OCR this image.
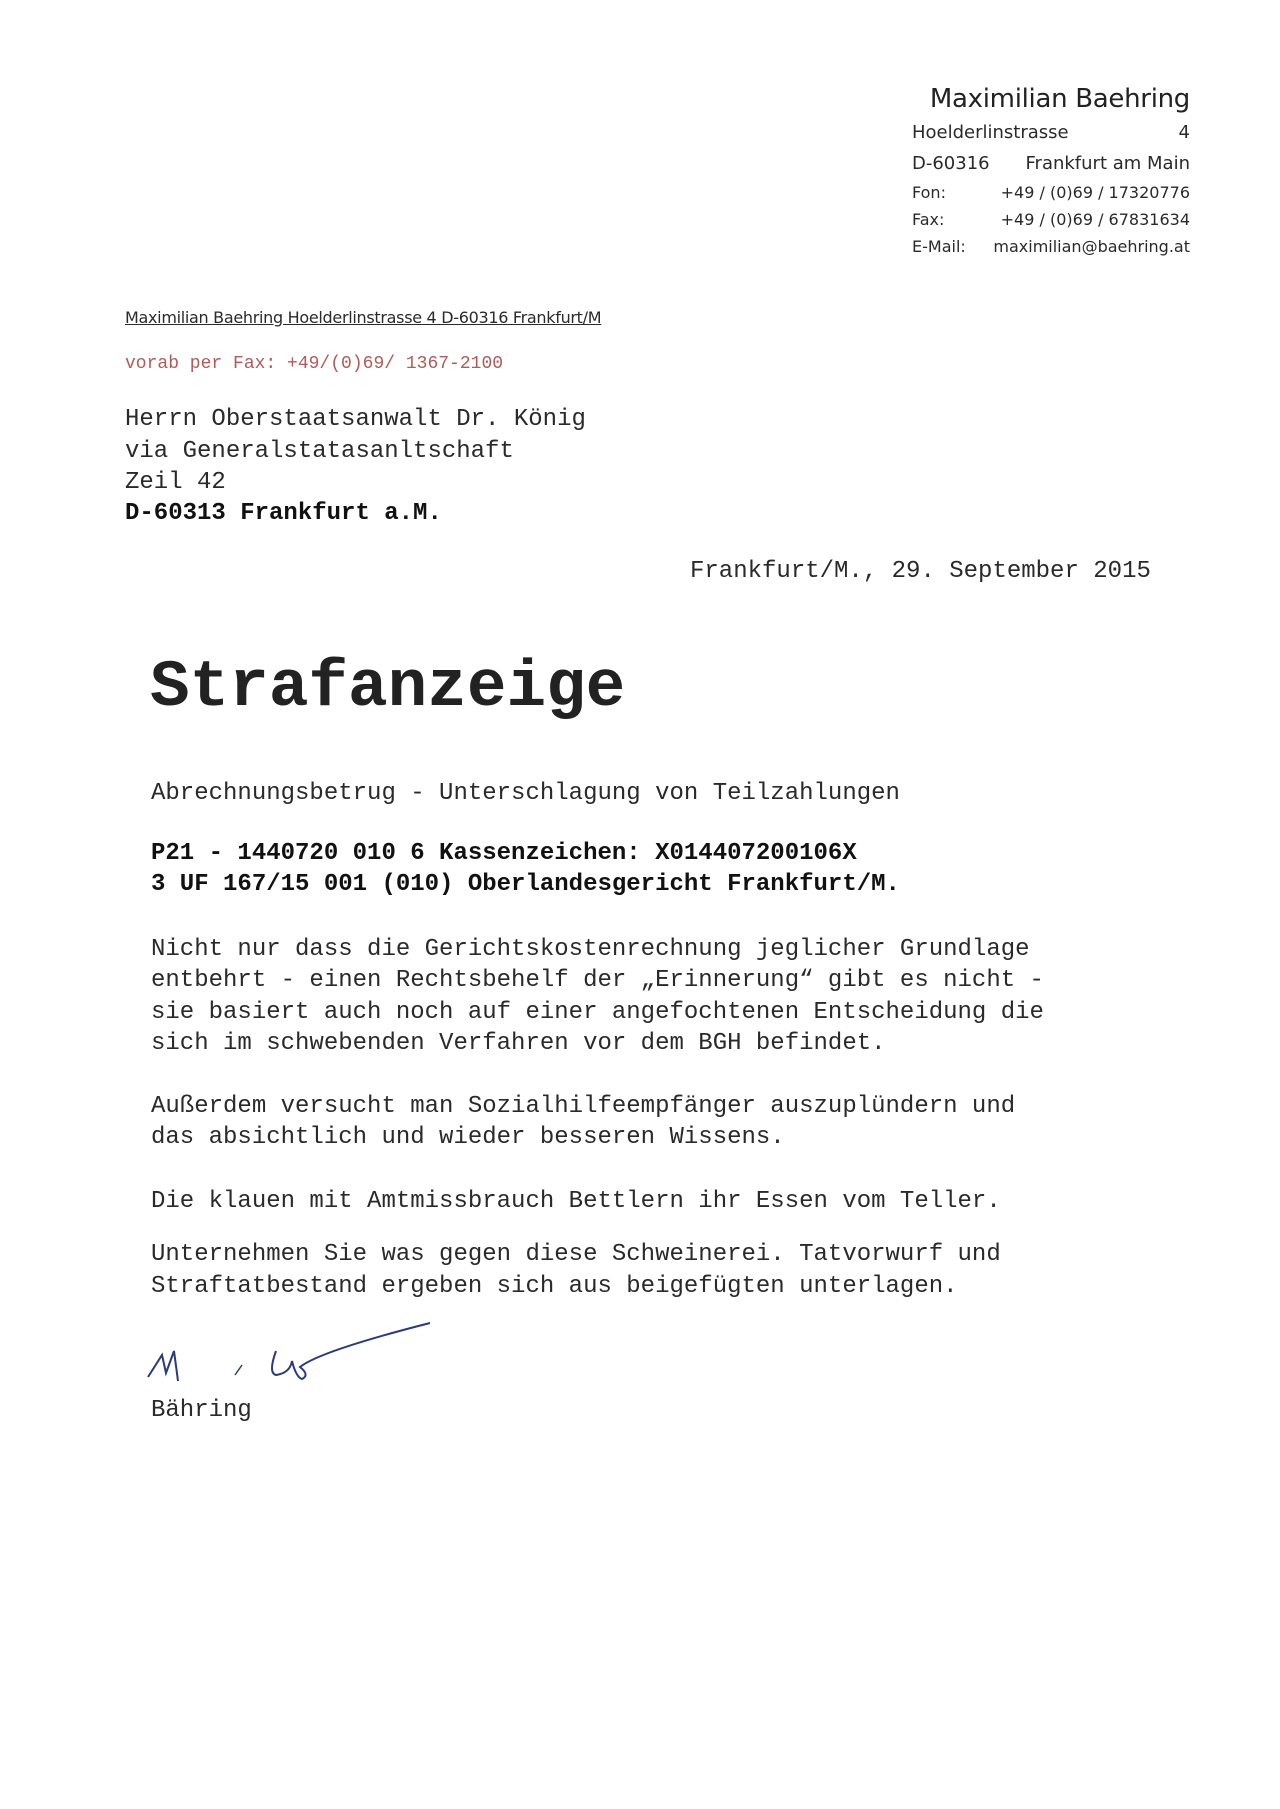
Maximilian Baehring
Hoelderlinstrasse	4
D-60316 Frankfurt am Main
Fon:	+49 / (0)69 / 17320776
Fax:	+49 / (0)69 / 67831634
E-Mail: maximilian@baehring.at
Maximilian Baehring Hoelderlinstrasse 4 D-60316 Frankfurt/M
vorab per Fax: +49/(0)69/ 1367-2100
Herrn Oberstaatsanwalt Dr. König
via Generalstatasanltschaft
Zeil 42
D-60313 Frankfurt a.M.
Frankfurt/M., 29. September 2015
Strafanzeige
Abrechnungsbetrug - Unterschlagung von Teilzahlungen
P21 - 1440720 010 6 Kassenzeichen: X014407200106X
3 UF 167/15 001 (010) Oberlandesgericht Frankfurt/M.
Nicht nur dass die Gerichtskostenrechnung jeglicher Grundlage
entbehrt - einen Rechtsbehelf der „Erinnerung“ gibt es nicht -
sie basiert auch noch auf einer angefochtenen Entscheidung die
sich im schwebenden Verfahren vor dem BGH befindet.
Außerdem versucht man Sozialhilfeempfänger auszuplündern und
das absichtlich und wieder besseren Wissens.
Die klauen mit Amtmissbrauch Bettlern ihr Essen vom Teller.
Unternehmen Sie was gegen diese Schweinerei. Tatvorwurf und
Straftatbestand ergeben sich aus beigefügten unterlagen.
Bähring
